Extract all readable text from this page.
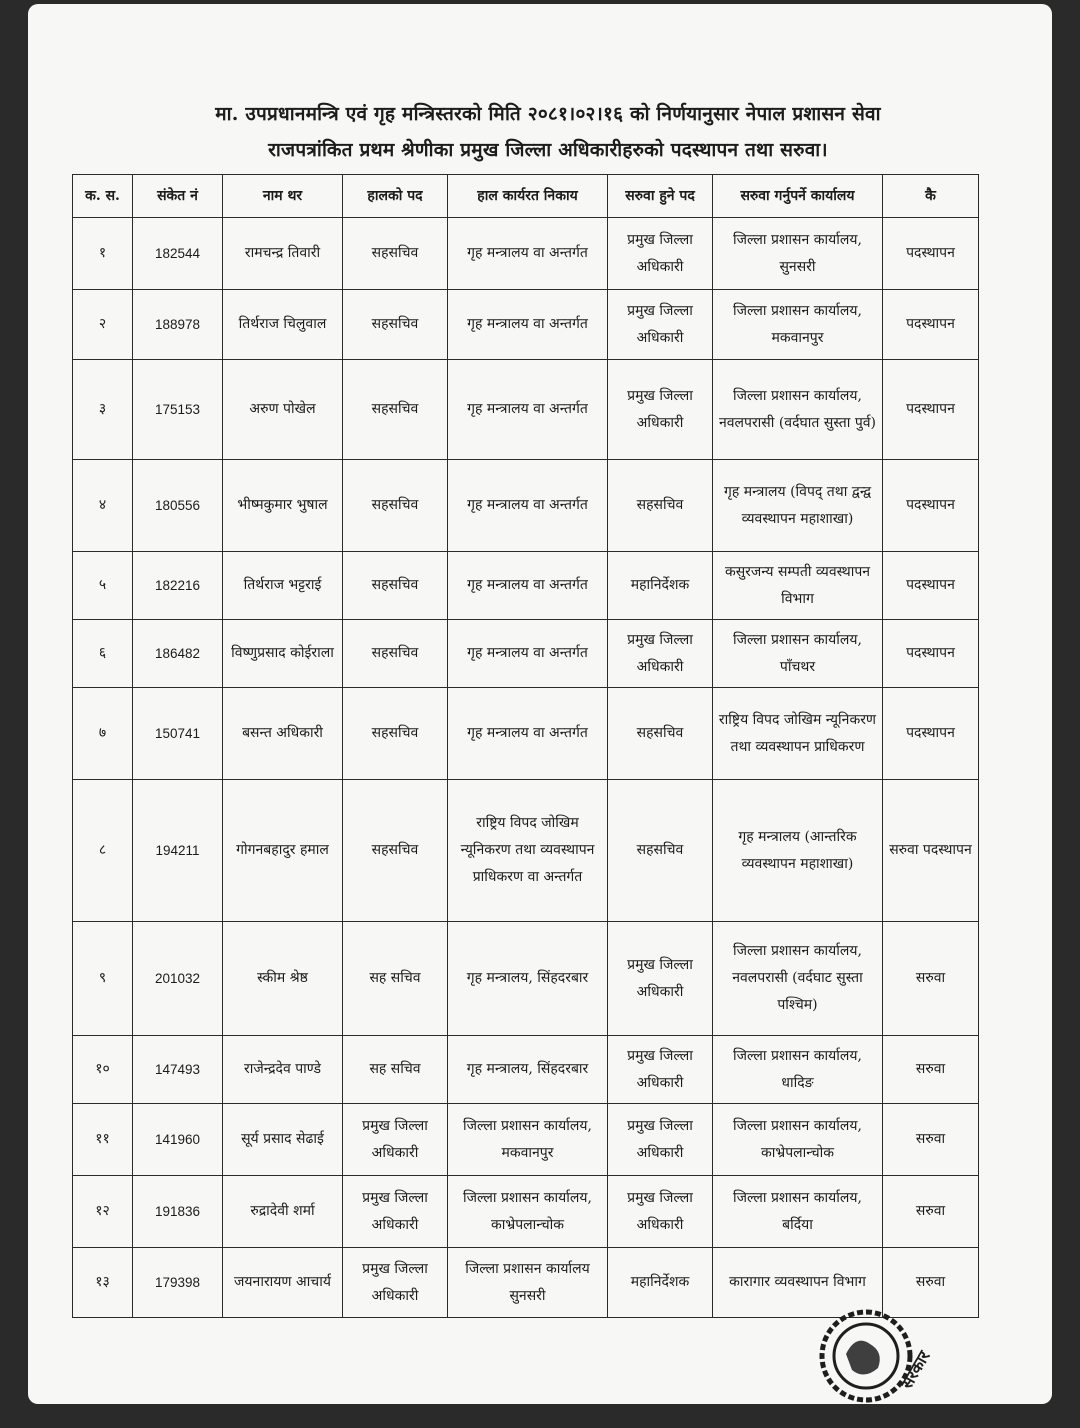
मा. उपप्रधानमन्त्रि एवं गृह मन्त्रिस्तरको मिति २०८१।०२।१६ को निर्णयानुसार नेपाल प्रशासन सेवा
राजपत्रांकित प्रथम श्रेणीका प्रमुख जिल्ला अधिकारीहरुको पदस्थापन तथा सरुवा।
क. स.	संकेत नं	नाम थर	हालको पद	हाल कार्यरत निकाय	सरुवा हुने पद	सरुवा गर्नुपर्ने कार्यालय	कै
१	182544	रामचन्द्र तिवारी	सहसचिव	गृह मन्त्रालय वा अन्तर्गत	प्रमुख जिल्ला अधिकारी	जिल्ला प्रशासन कार्यालय, सुनसरी	पदस्थापन
२	188978	तिर्थराज चिलुवाल	सहसचिव	गृह मन्त्रालय वा अन्तर्गत	प्रमुख जिल्ला अधिकारी	जिल्ला प्रशासन कार्यालय, मकवानपुर	पदस्थापन
३	175153	अरुण पोखेल	सहसचिव	गृह मन्त्रालय वा अन्तर्गत	प्रमुख जिल्ला अधिकारी	जिल्ला प्रशासन कार्यालय, नवलपरासी (वर्दघात सुस्ता पुर्व)	पदस्थापन
४	180556	भीष्मकुमार भुषाल	सहसचिव	गृह मन्त्रालय वा अन्तर्गत	सहसचिव	गृह मन्त्रालय (विपद् तथा द्वन्द्व व्यवस्थापन महाशाखा)	पदस्थापन
५	182216	तिर्थराज भट्टराई	सहसचिव	गृह मन्त्रालय वा अन्तर्गत	महानिर्देशक	कसुरजन्य सम्पती व्यवस्थापन विभाग	पदस्थापन
६	186482	विष्णुप्रसाद कोईराला	सहसचिव	गृह मन्त्रालय वा अन्तर्गत	प्रमुख जिल्ला अधिकारी	जिल्ला प्रशासन कार्यालय, पाँचथर	पदस्थापन
७	150741	बसन्त अधिकारी	सहसचिव	गृह मन्त्रालय वा अन्तर्गत	सहसचिव	राष्ट्रिय विपद जोखिम न्यूनिकरण तथा व्यवस्थापन प्राधिकरण	पदस्थापन
८	194211	गोगनबहादुर हमाल	सहसचिव	राष्ट्रिय विपद जोखिम न्यूनिकरण तथा व्यवस्थापन प्राधिकरण वा अन्तर्गत	सहसचिव	गृह मन्त्रालय (आन्तरिक व्यवस्थापन महाशाखा)	सरुवा पदस्थापन
९	201032	स्कीम श्रेष्ठ	सह सचिव	गृह मन्त्रालय, सिंहदरबार	प्रमुख जिल्ला अधिकारी	जिल्ला प्रशासन कार्यालय, नवलपरासी (वर्दघाट सुस्ता पश्चिम)	सरुवा
१०	147493	राजेन्द्रदेव पाण्डे	सह सचिव	गृह मन्त्रालय, सिंहदरबार	प्रमुख जिल्ला अधिकारी	जिल्ला प्रशासन कार्यालय, धादिङ	सरुवा
११	141960	सूर्य प्रसाद सेढाई	प्रमुख जिल्ला अधिकारी	जिल्ला प्रशासन कार्यालय, मकवानपुर	प्रमुख जिल्ला अधिकारी	जिल्ला प्रशासन कार्यालय, काभ्रेपलान्चोक	सरुवा
१२	191836	रुद्रादेवी शर्मा	प्रमुख जिल्ला अधिकारी	जिल्ला प्रशासन कार्यालय, काभ्रेपलान्चोक	प्रमुख जिल्ला अधिकारी	जिल्ला प्रशासन कार्यालय, बर्दिया	सरुवा
१३	179398	जयनारायण आचार्य	प्रमुख जिल्ला अधिकारी	जिल्ला प्रशासन कार्यालय सुनसरी	महानिर्देशक	कारागार व्यवस्थापन विभाग	सरुवा
सरकार
